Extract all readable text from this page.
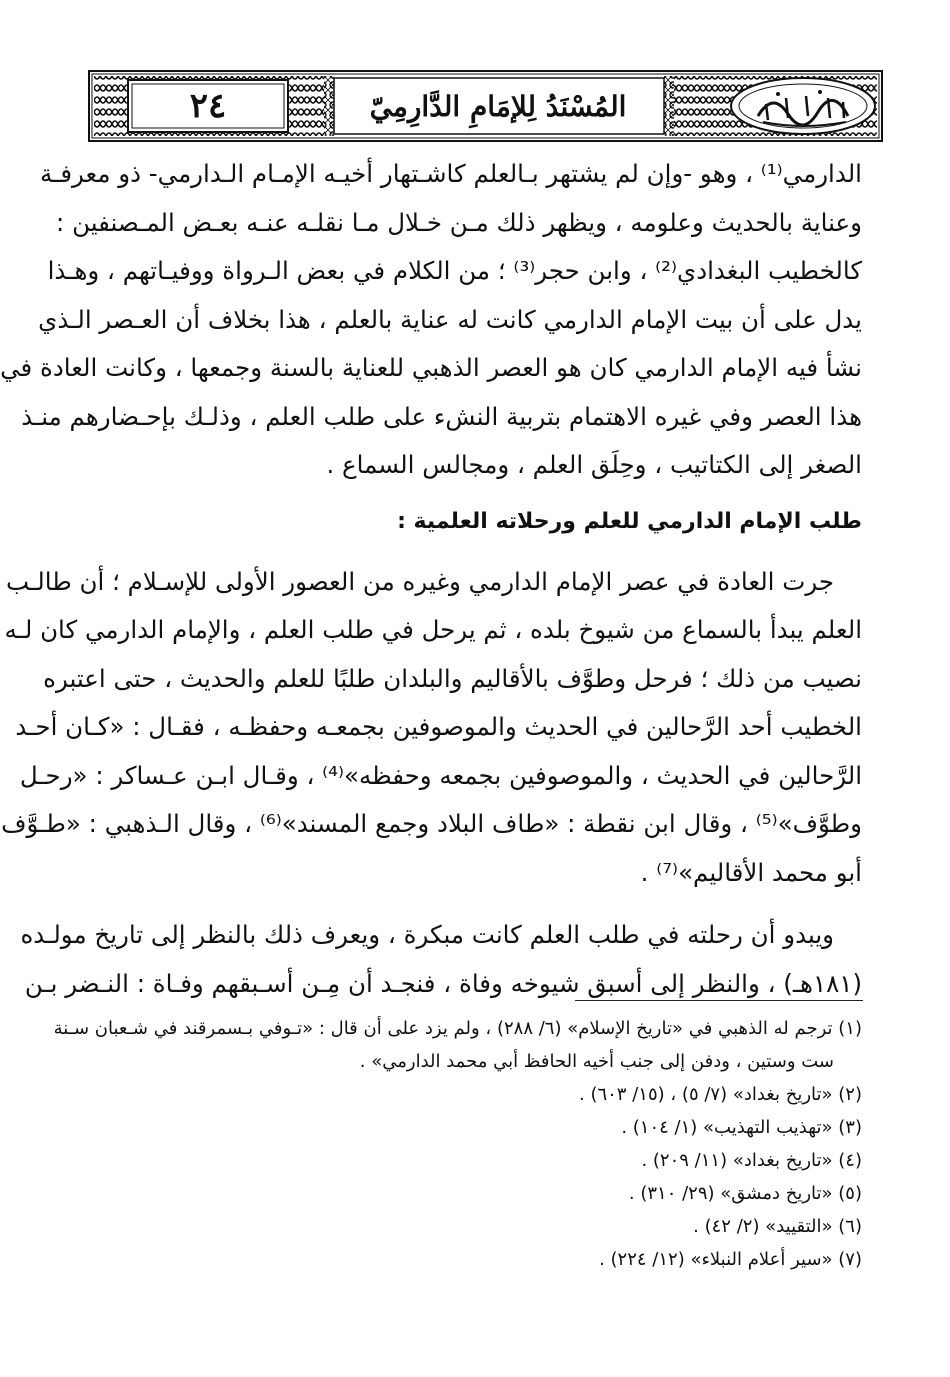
٢٤	المُسْنَدُ لِلإمَامِ الدَّارِمِيّ
الدارمي⁽¹⁾ ، وهو -وإن لم يشتهر بـالعلم كاشـتهار أخيـه الإمـام الـدارمي- ذو معرفـة
وعناية بالحديث وعلومه ، ويظهر ذلك مـن خـلال مـا نقلـه عنـه بعـض المـصنفين :
كالخطيب البغدادي⁽²⁾ ، وابن حجر⁽³⁾ ؛ من الكلام في بعض الـرواة ووفيـاتهم ، وهـذا
يدل على أن بيت الإمام الدارمي كانت له عناية بالعلم ، هذا بخلاف أن العـصر الـذي
نشأ فيه الإمام الدارمي كان هو العصر الذهبي للعناية بالسنة وجمعها ، وكانت العادة في
هذا العصر وفي غيره الاهتمام بتربية النشء على طلب العلم ، وذلـك بإحـضارهم منـذ
الصغر إلى الكتاتيب ، وحِلَق العلم ، ومجالس السماع .
طلب الإمام الدارمي للعلم ورحلاته العلمية :
جرت العادة في عصر الإمام الدارمي وغيره من العصور الأولى للإسـلام ؛ أن طالـب
العلم يبدأ بالسماع من شيوخ بلده ، ثم يرحل في طلب العلم ، والإمام الدارمي كان لـه
نصيب من ذلك ؛ فرحل وطوَّف بالأقاليم والبلدان طلبًا للعلم والحديث ، حتى اعتبره
الخطيب أحد الرَّحالين في الحديث والموصوفين بجمعـه وحفظـه ، فقـال : «كـان أحـد
الرَّحالين في الحديث ، والموصوفين بجمعه وحفظه»⁽⁴⁾ ، وقـال ابـن عـساكر : «رحـل
وطوَّف»⁽⁵⁾ ، وقال ابن نقطة : «طاف البلاد وجمع المسند»⁽⁶⁾ ، وقال الـذهبي : «طـوَّف
أبو محمد الأقاليم»⁽⁷⁾ .
ويبدو أن رحلته في طلب العلم كانت مبكرة ، ويعرف ذلك بالنظر إلى تاريخ مولـده
(١٨١هـ) ، والنظر إلى أسبق شيوخه وفاة ، فنجـد أن مِـن أسـبقهم وفـاة : النـضر بـن
(١) ترجم له الذهبي في «تاريخ الإسلام» (٦/ ٢٨٨) ، ولم يزد على أن قال : «تـوفي بـسمرقند في شـعبان سـنة
ست وستين ، ودفن إلى جنب أخيه الحافظ أبي محمد الدارمي» .
(٢) «تاريخ بغداد» (٧/ ٥) ، (١٥/ ٦٠٣) .
(٣) «تهذيب التهذيب» (١/ ١٠٤) .
(٤) «تاريخ بغداد» (١١/ ٢٠٩) .
(٥) «تاريخ دمشق» (٢٩/ ٣١٠) .
(٦) «التقييد» (٢/ ٤٢) .
(٧) «سير أعلام النبلاء» (١٢/ ٢٢٤) .
